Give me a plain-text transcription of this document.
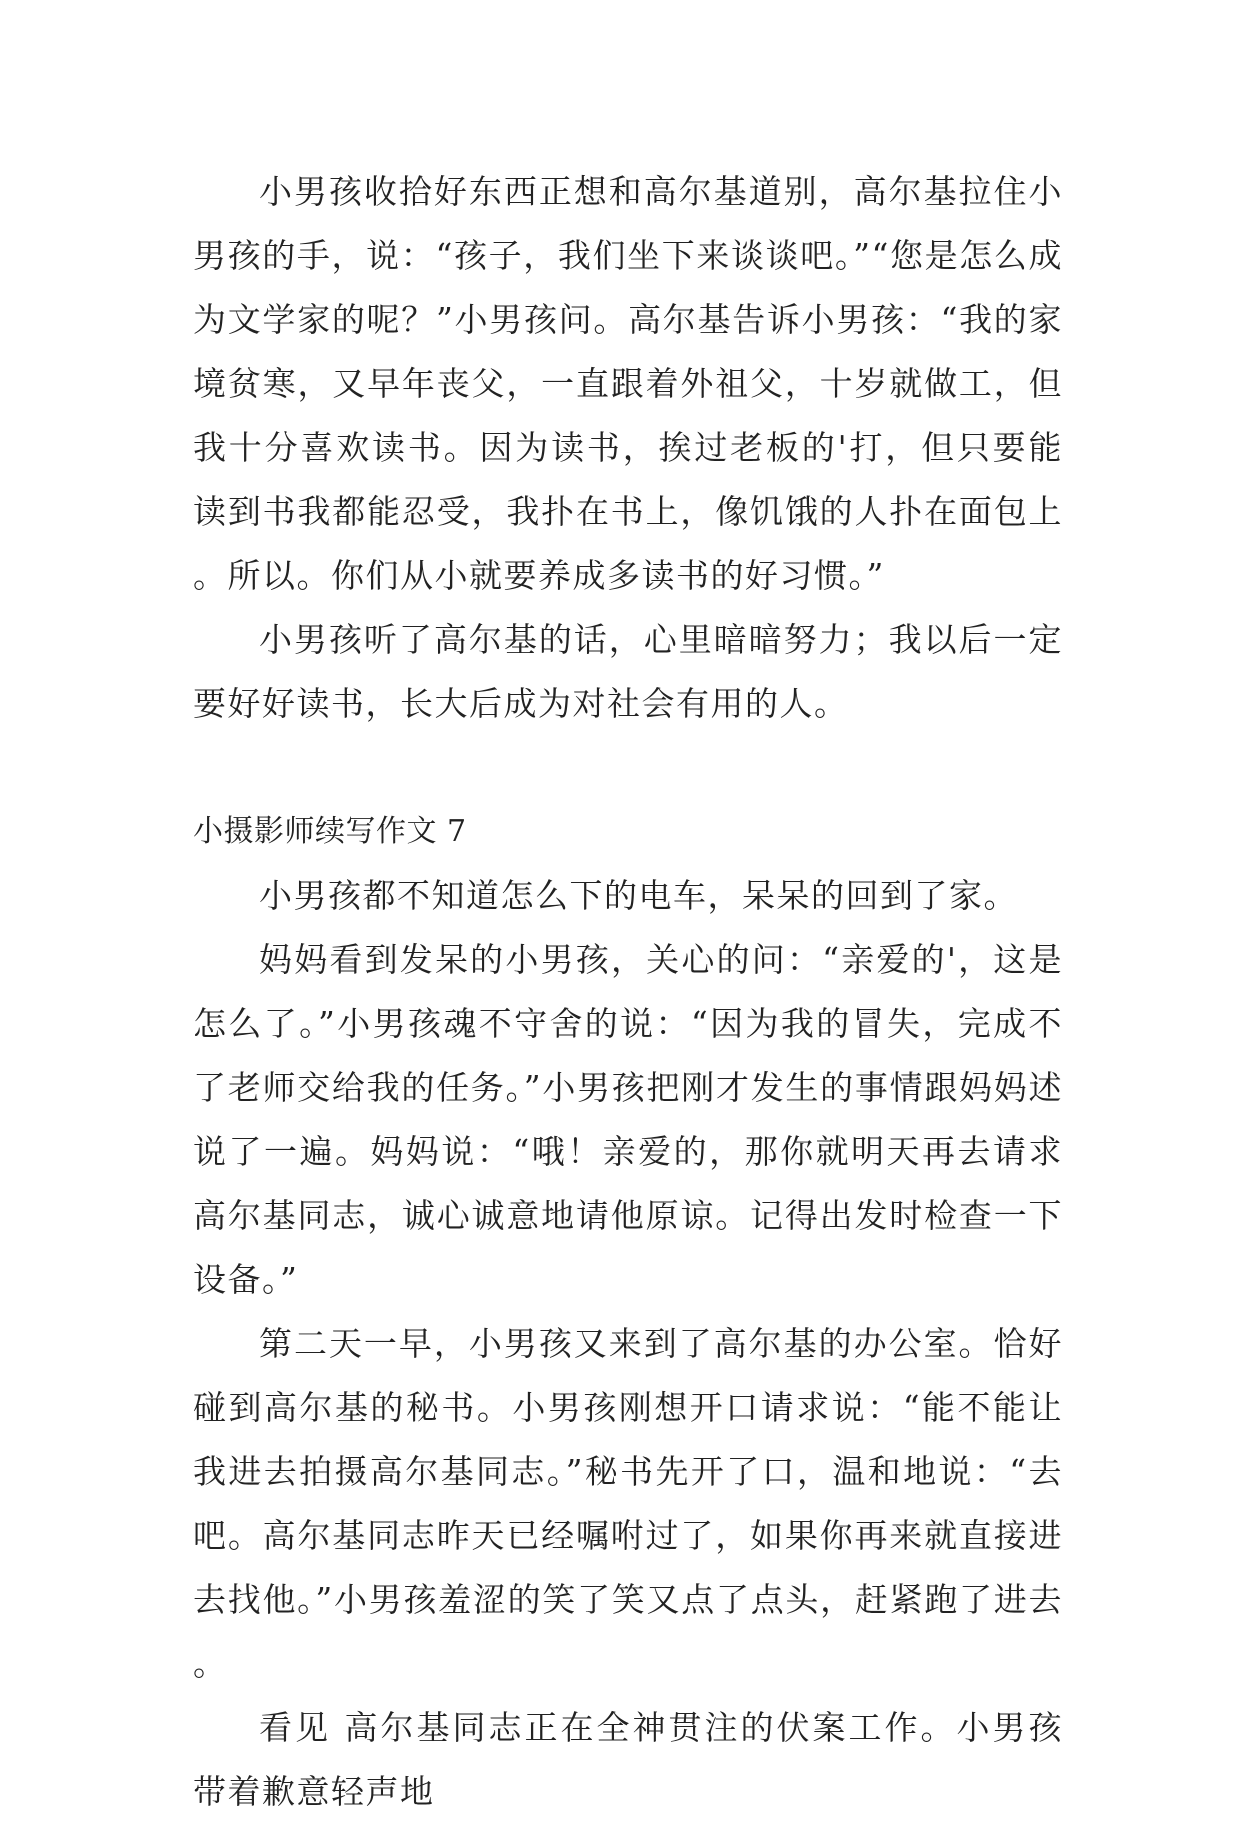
小男孩收拾好东西正想和高尔基道别，高尔基拉住小男孩的手，说：“孩子，我们坐下来谈谈吧。”“您是怎么成为文学家的呢？”小男孩问。高尔基告诉小男孩：“我的家境贫寒，又早年丧父，一直跟着外祖父，十岁就做工，但我十分喜欢读书。因为读书，挨过老板的'打，但只要能读到书我都能忍受，我扑在书上，像饥饿的人扑在面包上。所以。你们从小就要养成多读书的好习惯。”

小男孩听了高尔基的话，心里暗暗努力；我以后一定要好好读书，长大后成为对社会有用的人。

小摄影师续写作文 7

小男孩都不知道怎么下的电车，呆呆的回到了家。

妈妈看到发呆的小男孩，关心的问：“亲爱的'，这是怎么了。”小男孩魂不守舍的说：“因为我的冒失，完成不了老师交给我的任务。”小男孩把刚才发生的事情跟妈妈述说了一遍。妈妈说：“哦！亲爱的，那你就明天再去请求高尔基同志，诚心诚意地请他原谅。记得出发时检查一下设备。”

第二天一早，小男孩又来到了高尔基的办公室。恰好碰到高尔基的秘书。小男孩刚想开口请求说：“能不能让我进去拍摄高尔基同志。”秘书先开了口，温和地说：“去吧。高尔基同志昨天已经嘱咐过了，如果你再来就直接进去找他。”小男孩羞涩的笑了笑又点了点头，赶紧跑了进去。

看见 高尔基同志正在全神贯注的伏案工作。小男孩带着歉意轻声地
